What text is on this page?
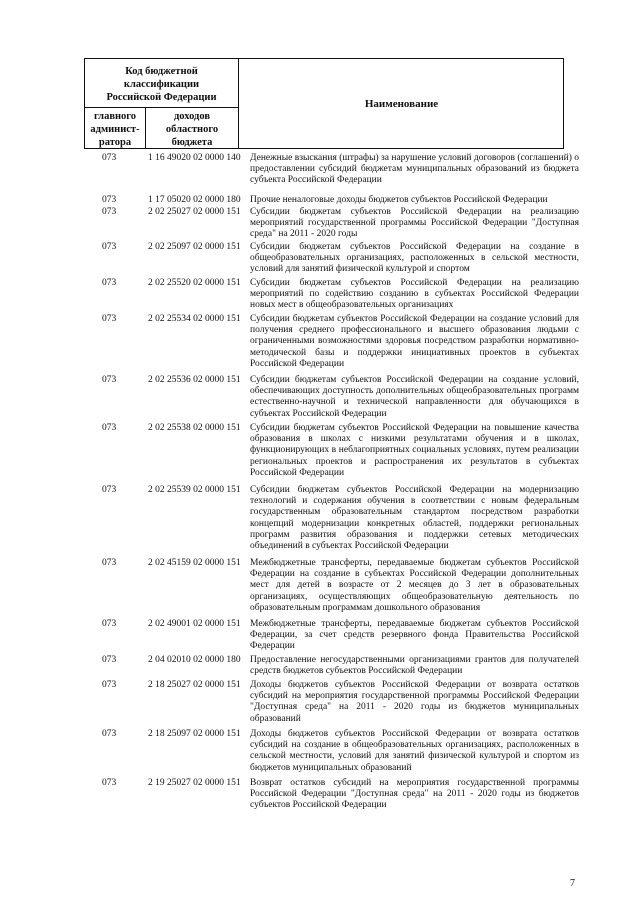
Код бюджетной
классификации
Российской Федерации
главного
админист-
ратора
доходов
областного
бюджета
Наименование
073	1 16 49020 02 0000 140 Денежные взыскания (штрафы) за нарушение условий договоров (соглашений) о предоставлении субсидий бюджетам муниципальных образований из бюджета субъекта Российской Федерации
073	1 17 05020 02 0000 180 Прочие неналоговые доходы бюджетов субъектов Российской Федерации
073	2 02 25027 02 0000 151 Субсидии бюджетам субъектов Российской Федерации на реализацию мероприятий государственной программы Российской Федерации "Доступная среда" на 2011 - 2020 годы
073	2 02 25097 02 0000 151 Субсидии бюджетам субъектов Российской Федерации на создание в общеобразовательных организациях, расположенных в сельской местности, условий для занятий физической культурой и спортом
073	2 02 25520 02 0000 151 Субсидии бюджетам субъектов Российской Федерации на реализацию мероприятий по содействию созданию в субъектах Российской Федерации новых мест в общеобразовательных организациях
073	2 02 25534 02 0000 151 Субсидии бюджетам субъектов Российской Федерации на создание условий для получения среднего профессионального и высшего образования людьми с ограниченными возможностями здоровья посредством разработки нормативно-методической базы и поддержки инициативных проектов в субъектах Российской Федерации
073	2 02 25536 02 0000 151 Субсидии бюджетам субъектов Российской Федерации на создание условий, обеспечивающих доступность дополнительных общеобразовательных программ естественно-научной и технической направленности для обучающихся в субъектах Российской Федерации
073	2 02 25538 02 0000 151 Субсидии бюджетам субъектов Российской Федерации на повышение качества образования в школах с низкими результатами обучения и в школах, функционирующих в неблагоприятных социальных условиях, путем реализации региональных проектов и распространения их результатов в субъектах Российской Федерации
073	2 02 25539 02 0000 151 Субсидии бюджетам субъектов Российской Федерации на модернизацию технологий и содержания обучения в соответствии с новым федеральным государственным образовательным стандартом посредством разработки концепций модернизации конкретных областей, поддержки региональных программ развития образования и поддержки сетевых методических объединений в субъектах Российской Федерации
073	2 02 45159 02 0000 151 Межбюджетные трансферты, передаваемые бюджетам субъектов Российской Федерации на создание в субъектах Российской Федерации дополнительных мест для детей в возрасте от 2 месяцев до 3 лет в образовательных организациях, осуществляющих общеобразовательную деятельность по образовательным программам дошкольного образования
073	2 02 49001 02 0000 151 Межбюджетные трансферты, передаваемые бюджетам субъектов Российской Федерации, за счет средств резервного фонда Правительства Российской Федерации
073	2 04 02010 02 0000 180 Предоставление негосударственными организациями грантов для получателей средств бюджетов субъектов Российской Федерации
073	2 18 25027 02 0000 151 Доходы бюджетов субъектов Российской Федерации от возврата остатков субсидий на мероприятия государственной программы Российской Федерации "Доступная среда" на 2011 - 2020 годы из бюджетов муниципальных образований
073	2 18 25097 02 0000 151 Доходы бюджетов субъектов Российской Федерации от возврата остатков субсидий на создание в общеобразовательных организациях, расположенных в сельской местности, условий для занятий физической культурой и спортом из бюджетов муниципальных образований
073	2 19 25027 02 0000 151 Возврат остатков субсидий на мероприятия государственной программы Российской Федерации "Доступная среда" на 2011 - 2020 годы из бюджетов субъектов Российской Федерации
7
